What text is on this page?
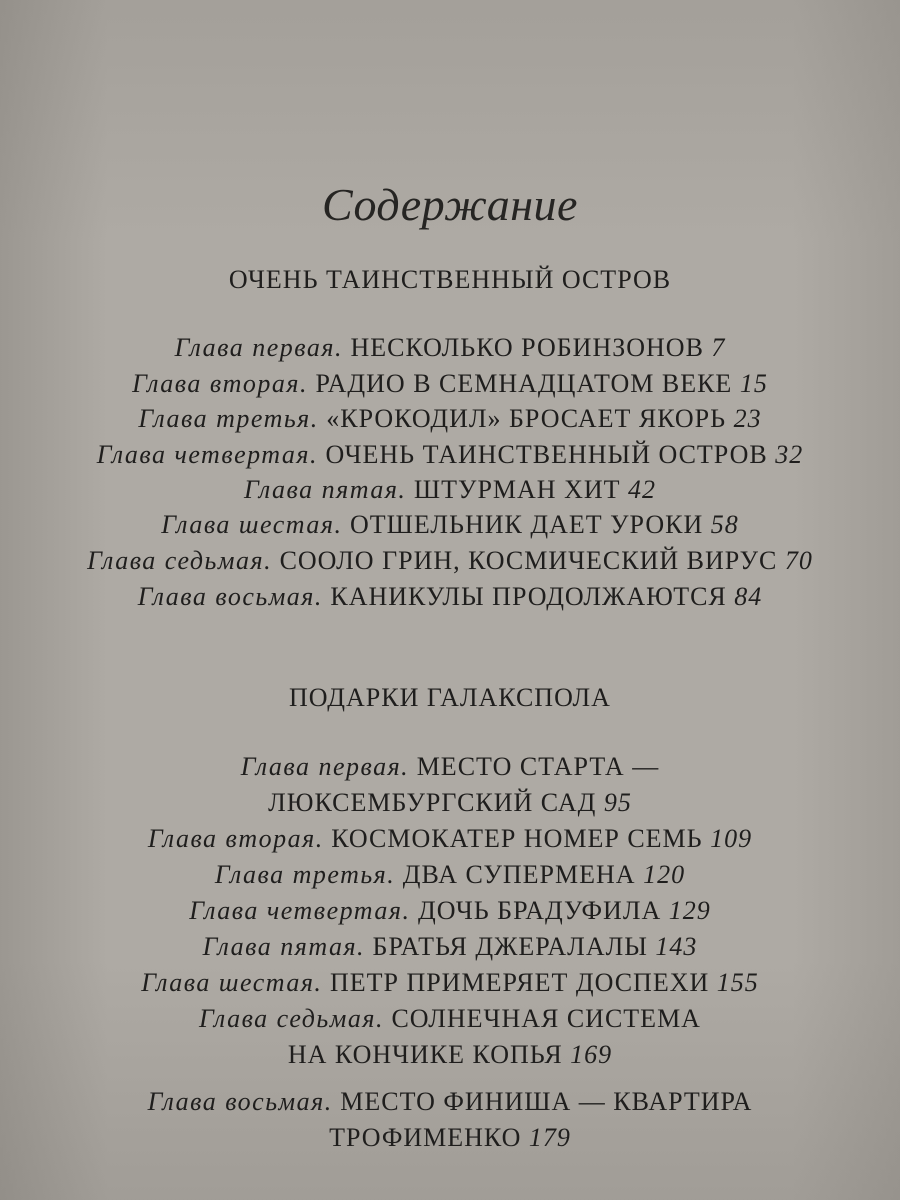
Содержание
ОЧЕНЬ ТАИНСТВЕННЫЙ ОСТРОВ
Глава первая. НЕСКОЛЬКО РОБИНЗОНОВ 7
Глава вторая. РАДИО В СЕМНАДЦАТОМ ВЕКЕ 15
Глава третья. «КРОКОДИЛ» БРОСАЕТ ЯКОРЬ 23
Глава четвертая. ОЧЕНЬ ТАИНСТВЕННЫЙ ОСТРОВ 32
Глава пятая. ШТУРМАН ХИТ 42
Глава шестая. ОТШЕЛЬНИК ДАЕТ УРОКИ 58
Глава седьмая. СООЛО ГРИН, КОСМИЧЕСКИЙ ВИРУС 70
Глава восьмая. КАНИКУЛЫ ПРОДОЛЖАЮТСЯ 84
ПОДАРКИ ГАЛАКСПОЛА
Глава первая. МЕСТО СТАРТА —
ЛЮКСЕМБУРГСКИЙ САД 95
Глава вторая. КОСМОКАТЕР НОМЕР СЕМЬ 109
Глава третья. ДВА СУПЕРМЕНА 120
Глава четвертая. ДОЧЬ БРАДУФИЛА 129
Глава пятая. БРАТЬЯ ДЖЕРАЛАЛЫ 143
Глава шестая. ПЕТР ПРИМЕРЯЕТ ДОСПЕХИ 155
Глава седьмая. СОЛНЕЧНАЯ СИСТЕМА
НА КОНЧИКЕ КОПЬЯ 169
Глава восьмая. МЕСТО ФИНИША — КВАРТИРА
ТРОФИМЕНКО 179
